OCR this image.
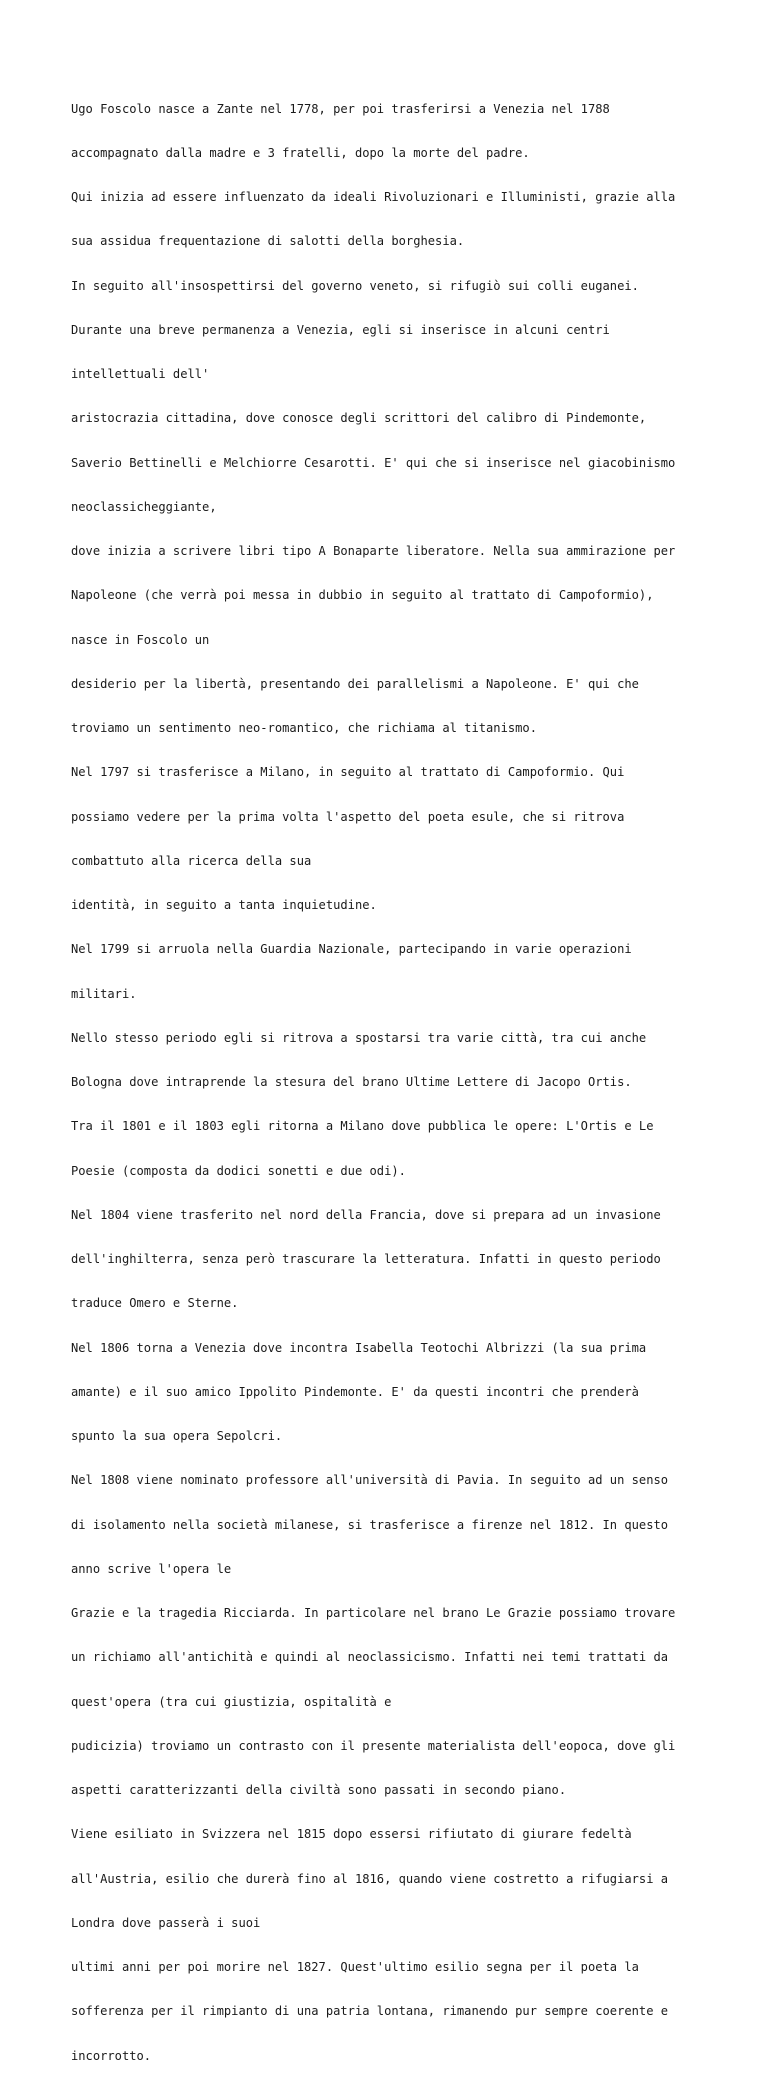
Ugo Foscolo nasce a Zante nel 1778, per poi trasferirsi a Venezia nel 1788

accompagnato dalla madre e 3 fratelli, dopo la morte del padre.

Qui inizia ad essere influenzato da ideali Rivoluzionari e Illuministi, grazie alla

sua assidua frequentazione di salotti della borghesia.

In seguito all'insospettirsi del governo veneto, si rifugiò sui colli euganei.

Durante una breve permanenza a Venezia, egli si inserisce in alcuni centri

intellettuali dell'

aristocrazia cittadina, dove conosce degli scrittori del calibro di Pindemonte,

Saverio Bettinelli e Melchiorre Cesarotti. E' qui che si inserisce nel giacobinismo

neoclassicheggiante,

dove inizia a scrivere libri tipo A Bonaparte liberatore. Nella sua ammirazione per

Napoleone (che verrà poi messa in dubbio in seguito al trattato di Campoformio),

nasce in Foscolo un

desiderio per la libertà, presentando dei parallelismi a Napoleone. E' qui che

troviamo un sentimento neo-romantico, che richiama al titanismo.

Nel 1797 si trasferisce a Milano, in seguito al trattato di Campoformio. Qui

possiamo vedere per la prima volta l'aspetto del poeta esule, che si ritrova

combattuto alla ricerca della sua

identità, in seguito a tanta inquietudine.

Nel 1799 si arruola nella Guardia Nazionale, partecipando in varie operazioni

militari.

Nello stesso periodo egli si ritrova a spostarsi tra varie città, tra cui anche

Bologna dove intraprende la stesura del brano Ultime Lettere di Jacopo Ortis.

Tra il 1801 e il 1803 egli ritorna a Milano dove pubblica le opere: L'Ortis e Le

Poesie (composta da dodici sonetti e due odi).

Nel 1804 viene trasferito nel nord della Francia, dove si prepara ad un invasione

dell'inghilterra, senza però trascurare la letteratura. Infatti in questo periodo

traduce Omero e Sterne.

Nel 1806 torna a Venezia dove incontra Isabella Teotochi Albrizzi (la sua prima

amante) e il suo amico Ippolito Pindemonte. E' da questi incontri che prenderà

spunto la sua opera Sepolcri.

Nel 1808 viene nominato professore all'università di Pavia. In seguito ad un senso

di isolamento nella società milanese, si trasferisce a firenze nel 1812. In questo

anno scrive l'opera le

Grazie e la tragedia Ricciarda. In particolare nel brano Le Grazie possiamo trovare

un richiamo all'antichità e quindi al neoclassicismo. Infatti nei temi trattati da

quest'opera (tra cui giustizia, ospitalità e

pudicizia) troviamo un contrasto con il presente materialista dell'eopoca, dove gli

aspetti caratterizzanti della civiltà sono passati in secondo piano.

Viene esiliato in Svizzera nel 1815 dopo essersi rifiutato di giurare fedeltà

all'Austria, esilio che durerà fino al 1816, quando viene costretto a rifugiarsi a

Londra dove passerà i suoi

ultimi anni per poi morire nel 1827. Quest'ultimo esilio segna per il poeta la

sofferenza per il rimpianto di una patria lontana, rimanendo pur sempre coerente e

incorrotto.
